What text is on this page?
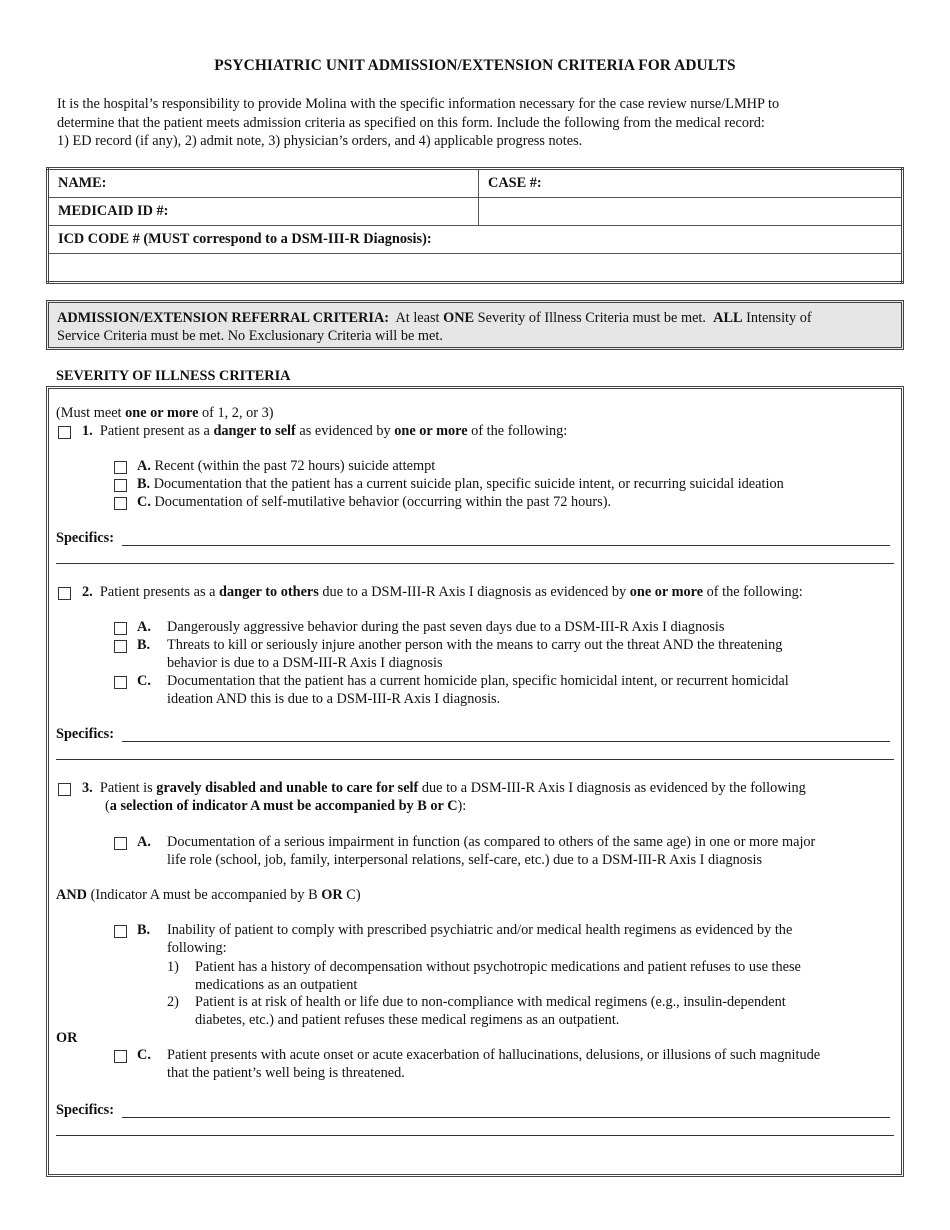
PSYCHIATRIC UNIT ADMISSION/EXTENSION CRITERIA FOR ADULTS
It is the hospital’s responsibility to provide Molina with the specific information necessary for the case review nurse/LMHP to
determine that the patient meets admission criteria as specified on this form. Include the following from the medical record:
1) ED record (if any), 2) admit note, 3) physician’s orders, and 4) applicable progress notes.
NAME:	CASE #:
MEDICAID ID #:	
ICD CODE # (MUST correspond to a DSM-III-R Diagnosis):	

ADMISSION/EXTENSION REFERRAL CRITERIA: At least ONE Severity of Illness Criteria must be met. ALL Intensity of
Service Criteria must be met. No Exclusionary Criteria will be met.
SEVERITY OF ILLNESS CRITERIA
(Must meet one or more of 1, 2, or 3)
1. Patient present as a danger to self as evidenced by one or more of the following:
A. Recent (within the past 72 hours) suicide attempt
B. Documentation that the patient has a current suicide plan, specific suicide intent, or recurring suicidal ideation
C. Documentation of self-mutilative behavior (occurring within the past 72 hours).
Specifics:
2. Patient presents as a danger to others due to a DSM-III-R Axis I diagnosis as evidenced by one or more of the following:
A. Dangerously aggressive behavior during the past seven days due to a DSM-III-R Axis I diagnosis
B. Threats to kill or seriously injure another person with the means to carry out the threat AND the threatening
behavior is due to a DSM-III-R Axis I diagnosis
C. Documentation that the patient has a current homicide plan, specific homicidal intent, or recurrent homicidal
ideation AND this is due to a DSM-III-R Axis I diagnosis.
Specifics:
3. Patient is gravely disabled and unable to care for self due to a DSM-III-R Axis I diagnosis as evidenced by the following
(a selection of indicator A must be accompanied by B or C):
A. Documentation of a serious impairment in function (as compared to others of the same age) in one or more major
life role (school, job, family, interpersonal relations, self-care, etc.) due to a DSM-III-R Axis I diagnosis
AND (Indicator A must be accompanied by B OR C)
B. Inability of patient to comply with prescribed psychiatric and/or medical health regimens as evidenced by the
following:
1) Patient has a history of decompensation without psychotropic medications and patient refuses to use these
medications as an outpatient
2) Patient is at risk of health or life due to non-compliance with medical regimens (e.g., insulin-dependent
diabetes, etc.) and patient refuses these medical regimens as an outpatient.
OR
C. Patient presents with acute onset or acute exacerbation of hallucinations, delusions, or illusions of such magnitude
that the patient’s well being is threatened.
Specifics:
